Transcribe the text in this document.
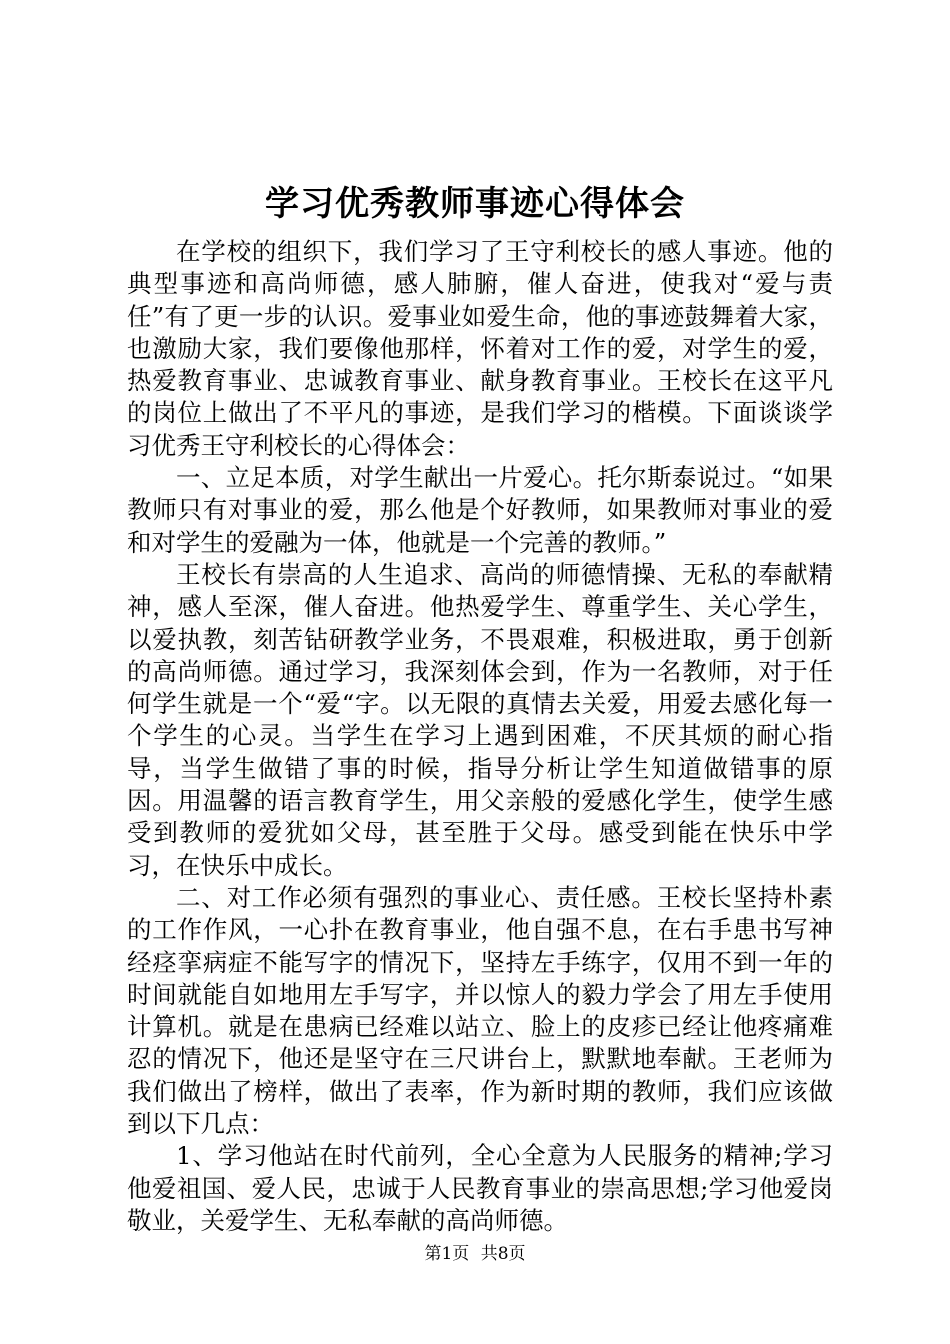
学习优秀教师事迹心得体会

在学校的组织下，我们学习了王守利校长的感人事迹。他的典型事迹和高尚师德，感人肺腑，催人奋进，使我对“爱与责任”有了更一步的认识。爱事业如爱生命，他的事迹鼓舞着大家，也激励大家，我们要像他那样，怀着对工作的爱，对学生的爱，热爱教育事业、忠诚教育事业、献身教育事业。王校长在这平凡的岗位上做出了不平凡的事迹，是我们学习的楷模。下面谈谈学习优秀王守利校长的心得体会：

一、立足本质，对学生献出一片爱心。托尔斯泰说过。“如果教师只有对事业的爱，那么他是个好教师，如果教师对事业的爱和对学生的爱融为一体，他就是一个完善的教师。”

王校长有崇高的人生追求、高尚的师德情操、无私的奉献精神，感人至深，催人奋进。他热爱学生、尊重学生、关心学生，以爱执教，刻苦钻研教学业务，不畏艰难，积极进取，勇于创新的高尚师德。通过学习，我深刻体会到，作为一名教师，对于任何学生就是一个“爱“字。以无限的真情去关爱，用爱去感化每一个学生的心灵。当学生在学习上遇到困难，不厌其烦的耐心指导，当学生做错了事的时候，指导分析让学生知道做错事的原因。用温馨的语言教育学生，用父亲般的爱感化学生，使学生感受到教师的爱犹如父母，甚至胜于父母。感受到能在快乐中学习，在快乐中成长。

二、对工作必须有强烈的事业心、责任感。王校长坚持朴素的工作作风，一心扑在教育事业，他自强不息，在右手患书写神经痉挛病症不能写字的情况下，坚持左手练字，仅用不到一年的时间就能自如地用左手写字，并以惊人的毅力学会了用左手使用计算机。就是在患病已经难以站立、脸上的皮疹已经让他疼痛难忍的情况下，他还是坚守在三尺讲台上，默默地奉献。王老师为我们做出了榜样，做出了表率，作为新时期的教师，我们应该做到以下几点：

1、学习他站在时代前列，全心全意为人民服务的精神;学习他爱祖国、爱人民，忠诚于人民教育事业的崇高思想;学习他爱岗敬业，关爱学生、无私奉献的高尚师德。

第1页 共8页
